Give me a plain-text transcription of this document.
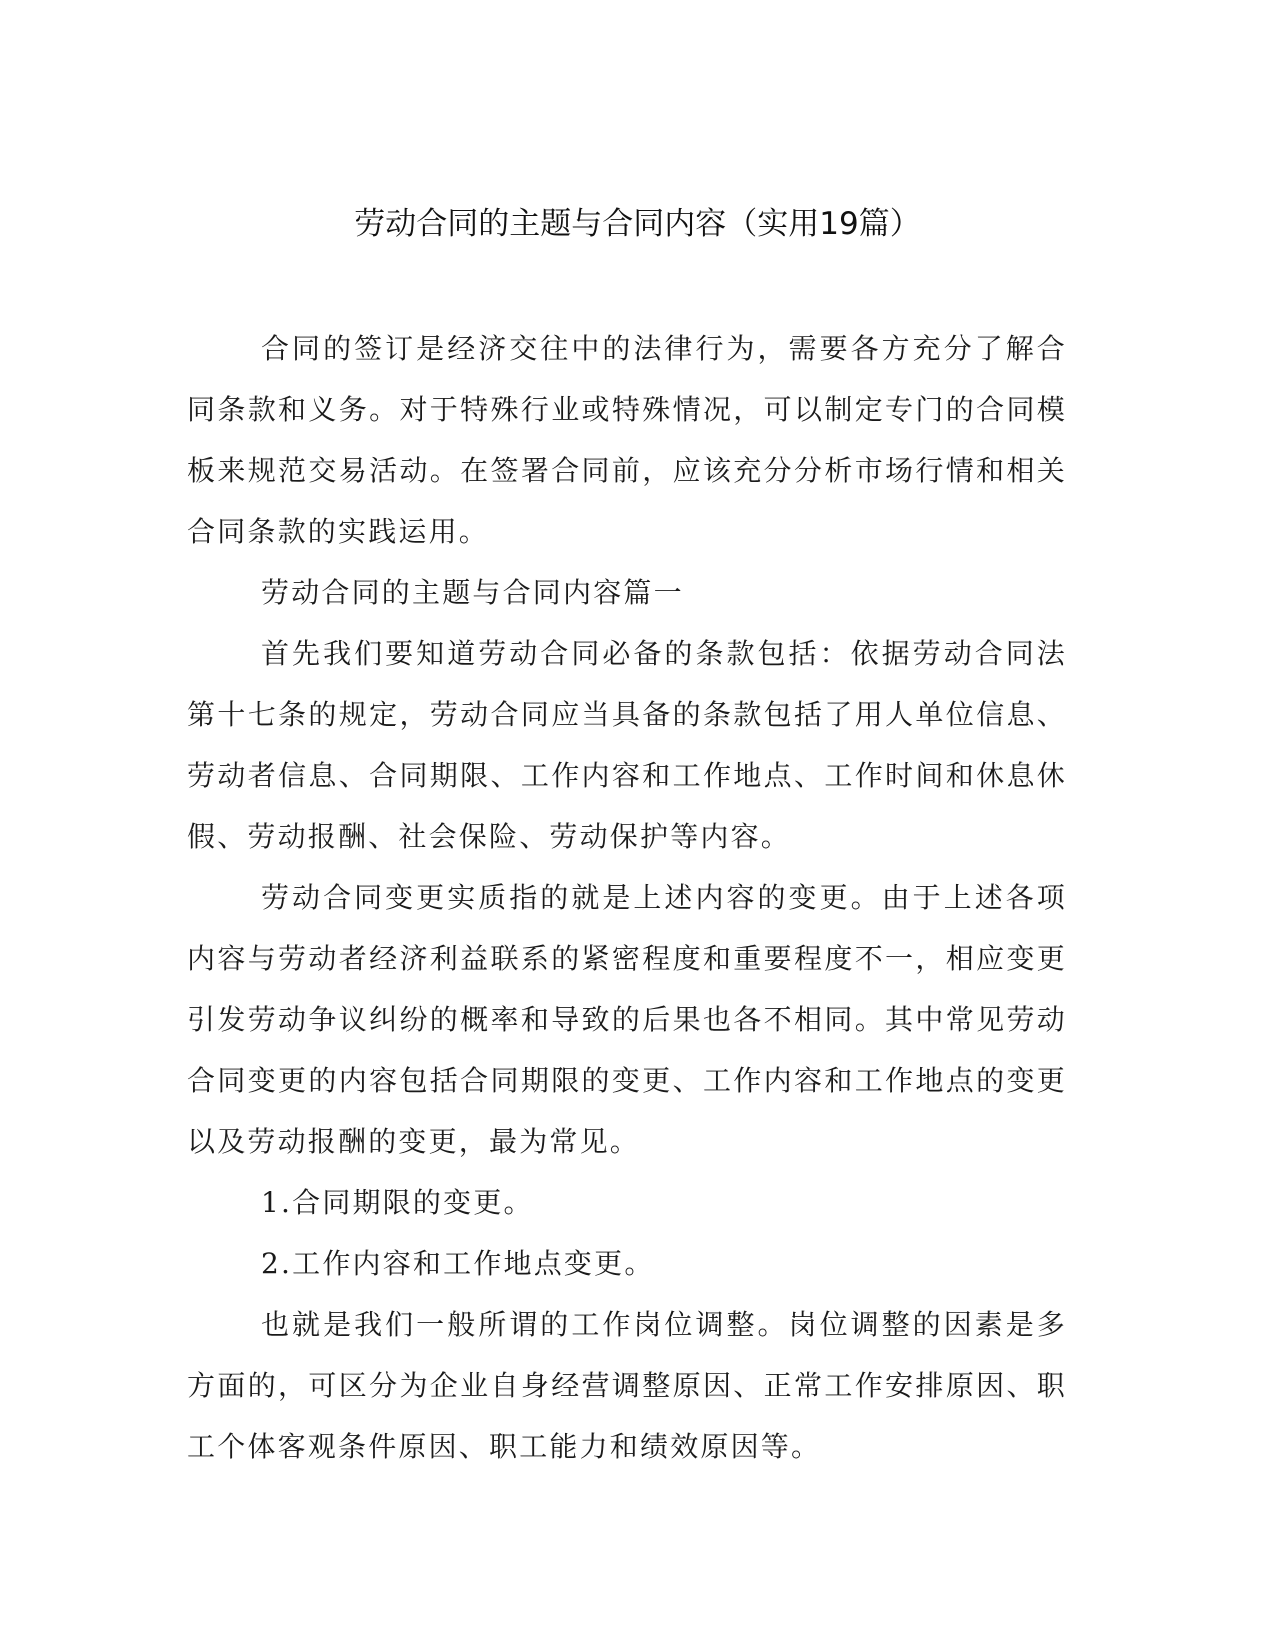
劳动合同的主题与合同内容（实用19篇）

合同的签订是经济交往中的法律行为，需要各方充分了解合同条款和义务。对于特殊行业或特殊情况，可以制定专门的合同模板来规范交易活动。在签署合同前，应该充分分析市场行情和相关合同条款的实践运用。

劳动合同的主题与合同内容篇一

首先我们要知道劳动合同必备的条款包括：依据劳动合同法第十七条的规定，劳动合同应当具备的条款包括了用人单位信息、劳动者信息、合同期限、工作内容和工作地点、工作时间和休息休假、劳动报酬、社会保险、劳动保护等内容。

劳动合同变更实质指的就是上述内容的变更。由于上述各项内容与劳动者经济利益联系的紧密程度和重要程度不一，相应变更引发劳动争议纠纷的概率和导致的后果也各不相同。其中常见劳动合同变更的内容包括合同期限的变更、工作内容和工作地点的变更以及劳动报酬的变更，最为常见。

1.合同期限的变更。

2.工作内容和工作地点变更。

也就是我们一般所谓的工作岗位调整。岗位调整的因素是多方面的，可区分为企业自身经营调整原因、正常工作安排原因、职工个体客观条件原因、职工能力和绩效原因等。
